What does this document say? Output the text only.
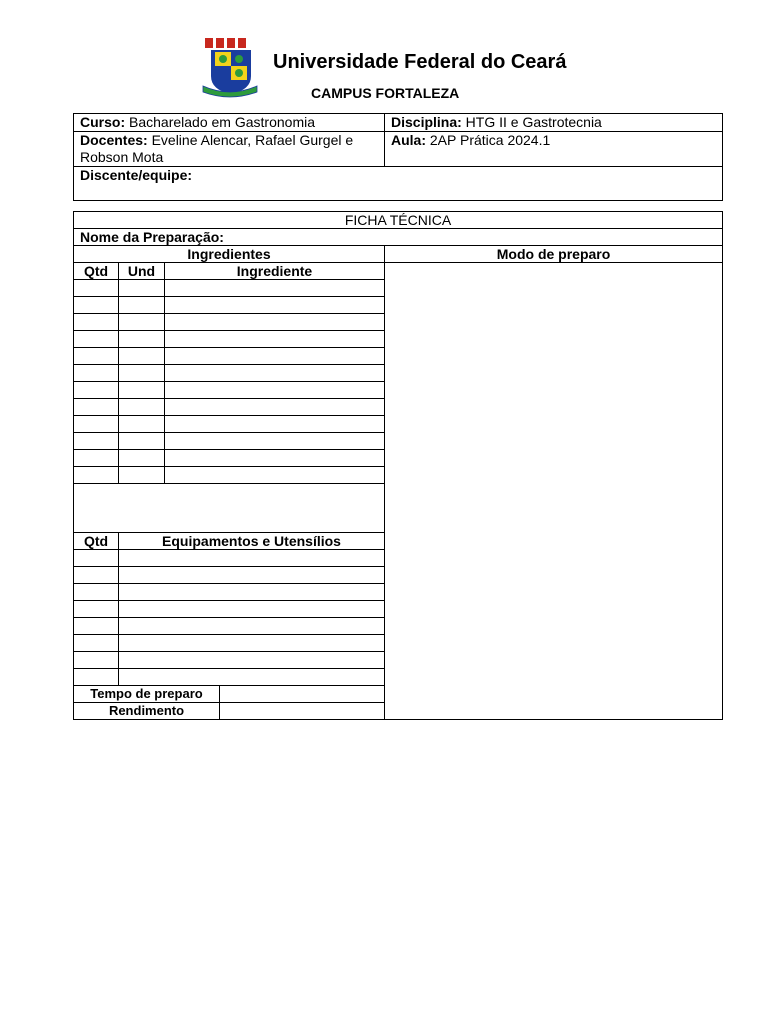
Universidade Federal do Ceará
CAMPUS FORTALEZA
Curso: Bacharelado em Gastronomia	Disciplina: HTG II e Gastrotecnia
Docentes: Eveline Alencar, Rafael Gurgel e Robson Mota	Aula: 2AP Prática 2024.1
Discente/equipe:	
FICHA TÉCNICA				
Nome da Preparação:				
Ingredientes				Modo de preparo
Qtd	Und	Ingrediente		

Qtd	Equipamentos e Utensílios			

Tempo de preparo				
Rendimento				
